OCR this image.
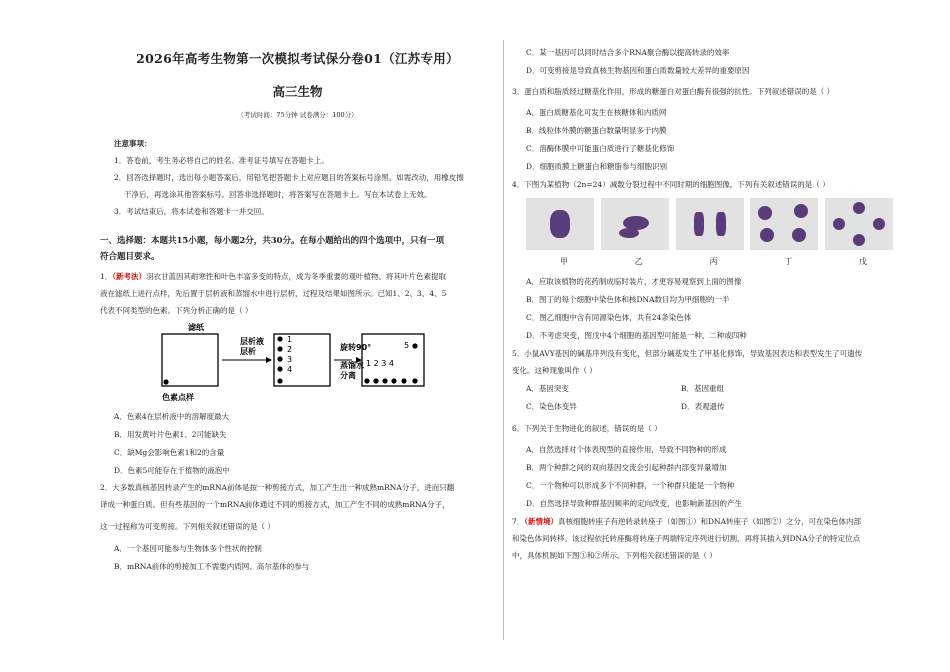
2026年高考生物第一次模拟考试保分卷01（江苏专用）
高三生物
（考试时间：75分钟 试卷满分：100分）
注意事项：
1．答卷前，考生务必将自己的姓名、准考证号填写在答题卡上。
2．回答选择题时，选出每小题答案后，用铅笔把答题卡上对应题目的答案标号涂黑。如需改动，用橡皮擦
干净后，再选涂其他答案标号。回答非选择题时，将答案写在答题卡上。写在本试卷上无效。
3．考试结束后，将本试卷和答题卡一并交回。
一、选择题：本题共15小题，每小题2分，共30分。在每小题给出的四个选项中，只有一项
符合题目要求。
1．（新考法）羽衣甘蓝因其耐寒性和叶色丰富多变的特点，成为冬季重要的观叶植物。将其叶片色素提取
液在滤纸上进行点样，先后置于层析液和蒸馏水中进行层析，过程及结果如图所示。已知1、2、3、4、5
代表不同类型的色素。下列分析正确的是（ ）
滤纸
色素点样
层析液
层析
1
2
3
4
旋转90°
蒸馏水
分离
5
1 2 3 4
A．色素4在层析液中的溶解度最大
B．用发黄叶片色素1、2可能缺失
C．缺Mg会影响色素1和2的含量
D．色素5可能存在于植物的液泡中
2．大多数真核基因转录产生的mRNA前体是按一种剪接方式，加工产生出一种成熟mRNA分子，进而只翻
译成一种蛋白质。但有些基因的一个mRNA前体通过不同的剪接方式，加工产生不同的成熟mRNA分子，
这一过程称为可变剪接。下列相关叙述错误的是（ ）
A．一个基因可能参与生物体多个性状的控制
B．mRNA前体的剪接加工不需要内质网、高尔基体的参与
C．某一基因可以同时结合多个RNA聚合酶以提高转录的效率
D．可变剪接是导致真核生物基因和蛋白质数量较大差异的重要原因
3．蛋白质和脂质经过糖基化作用，形成的糖蛋白对蛋白酶有很强的抗性。下列叙述错误的是（ ）
A．蛋白质糖基化可发生在核糖体和内质网
B．线粒体外膜的糖蛋白数量明显多于内膜
C．溶酶体膜中可能蛋白质进行了糖基化修饰
D．细胞质膜上糖蛋白和糖脂参与细胞识别
4．下图为某植物（2n=24）减数分裂过程中不同时期的细胞图像，下列有关叙述错误的是（ ）
甲	乙	丙	丁	戊
A．应取该植物的花药制成临时装片，才更容易观察到上面的图像
B．图丁的每个细胞中染色体和核DNA数目均为甲细胞的一半
C．图乙细胞中含有同源染色体，共有24条染色体
D．不考虑突变，图戊中4个细胞的基因型可能是一种、二种或四种
5．小鼠AVY基因的碱基序列没有变化，但部分碱基发生了甲基化修饰，导致基因表达和表型发生了可遗传
变化。这种现象叫作（ ）
A．基因突变	B．基因重组
C．染色体变异	D．表观遗传
6．下列关于生物进化的叙述，错误的是（ ）
A．自然选择对个体表现型的直接作用，导致不同物种的形成
B．两个种群之间的双向基因交流会引起种群内部变异量增加
C．一个物种可以形成多个不同种群，一个种群只能是一个物种
D．自然选择导致种群基因频率的定向改变，也影响新基因的产生
7．（新情境）真核细胞转座子有逆转录转座子（如图①）和DNA转座子（如图②）之分，可在染色体内部
和染色体间转移。该过程依托转座酶将转座子两端特定序列进行切割，再将其插入到DNA分子的特定位点
中，具体机制如下图①和②所示。下列相关叙述错误的是（ ）
